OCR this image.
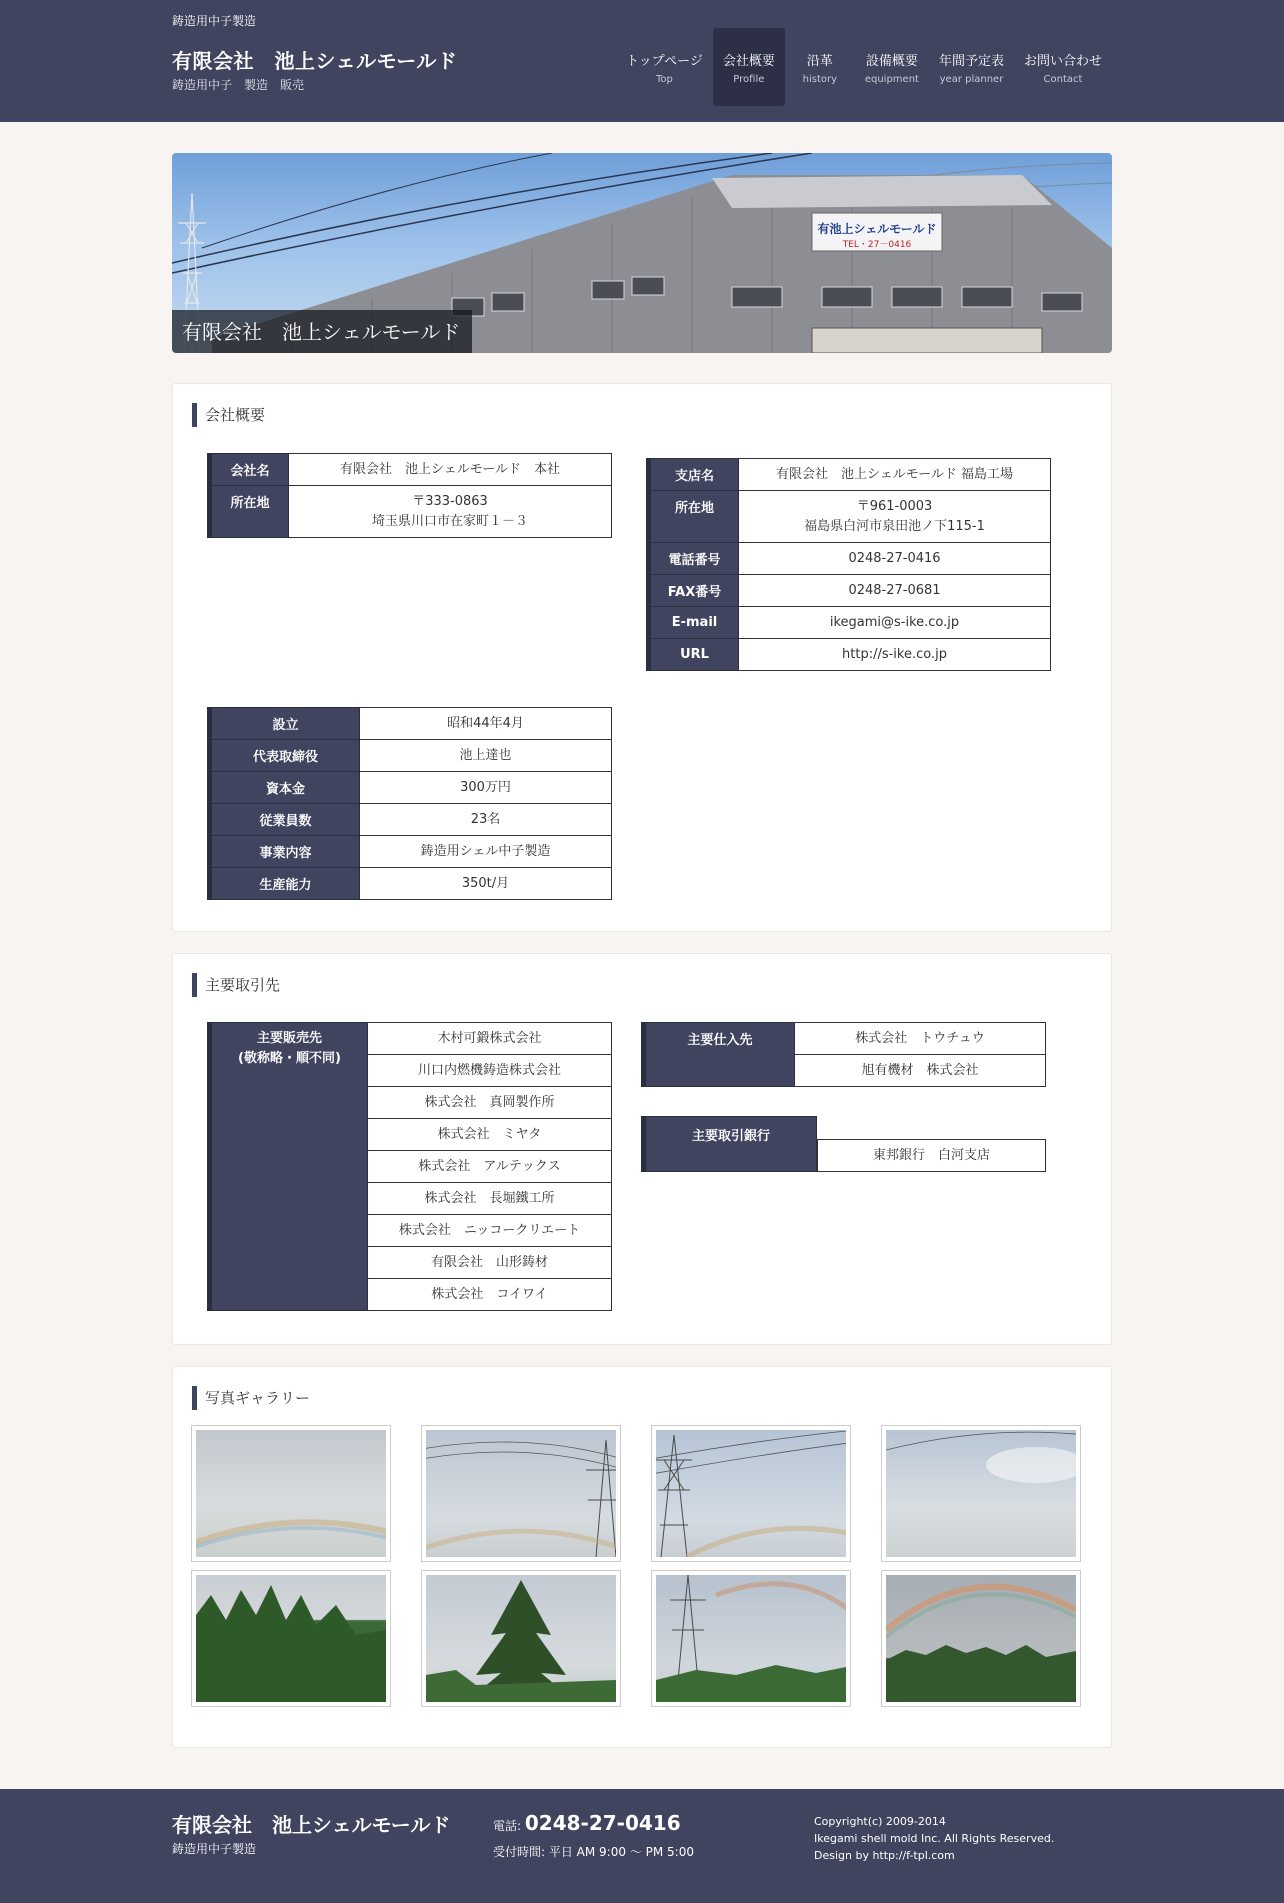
鋳造用中子製造
有限会社　池上シェルモールド
鋳造用中子　製造　販売
トップページ
Top
会社概要
Profile
沿革
history
設備概要
equipment
年間予定表
year planner
お問い合わせ
Contact
有池上シェルモールド
TEL・27－0416
有限会社　池上シェルモールド
会社概要
会社名	有限会社　池上シェルモールド　本社
所在地	〒333-0863
埼玉県川口市在家町１－３
支店名	有限会社　池上シェルモールド 福島工場
所在地	〒961-0003
福島県白河市泉田池ノ下115-1

電話番号	0248-27-0416
FAX番号	0248-27-0681
E-mail	ikegami@s-ike.co.jp
URL	http://s-ike.co.jp
設立	昭和44年4月
代表取締役	池上達也
資本金	300万円
従業員数	23名
事業内容	鋳造用シェル中子製造
生産能力	350t/月
主要取引先
主要販売先
(敬称略・順不同)
	木村可鍛株式会社
川口内燃機鋳造株式会社
株式会社　真岡製作所
株式会社　ミヤタ
株式会社　アルテックス
株式会社　長堀鐵工所
株式会社　ニッコークリエート
有限会社　山形鋳材
株式会社　コイワイ
主要仕入先	株式会社　トウチュウ
旭有機材　株式会社
主要取引銀行
東邦銀行　白河支店
写真ギャラリー
有限会社　池上シェルモールド
鋳造用中子製造
電話: 0248-27-0416
受付時間: 平日 AM 9:00 〜 PM 5:00
Copyright(c) 2009-2014
Ikegami shell mold Inc. All Rights Reserved.
Design by http://f-tpl.com
